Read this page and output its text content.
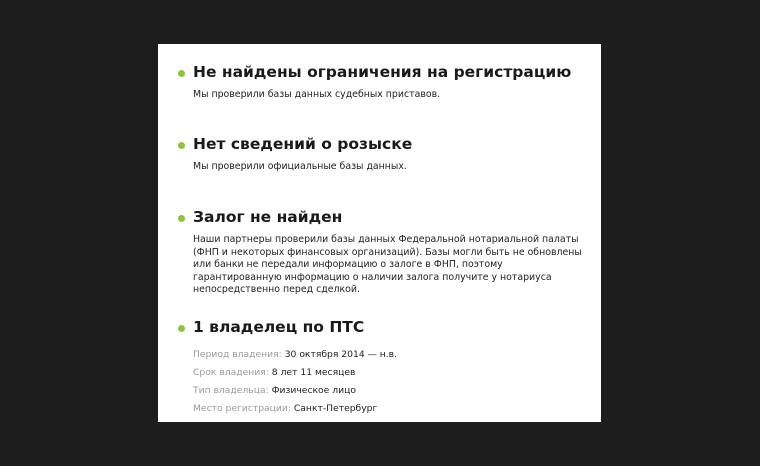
Не найдены ограничения на регистрацию
Мы проверили базы данных судебных приставов.
Нет сведений о розыске
Мы проверили официальные базы данных.
Залог не найден
Наши партнеры проверили базы данных Федеральной нотариальной палаты (ФНП и некоторых финансовых организаций). Базы могли быть не обновлены или банки не передали информацию о залоге в ФНП, поэтому гарантированную информацию о наличии залога получите у нотариуса непосредственно перед сделкой.
1 владелец по ПТС
Период владения: 30 октября 2014 — н.в.
Срок владения: 8 лет 11 месяцев
Тип владельца: Физическое лицо
Место регистрации: Санкт-Петербург
